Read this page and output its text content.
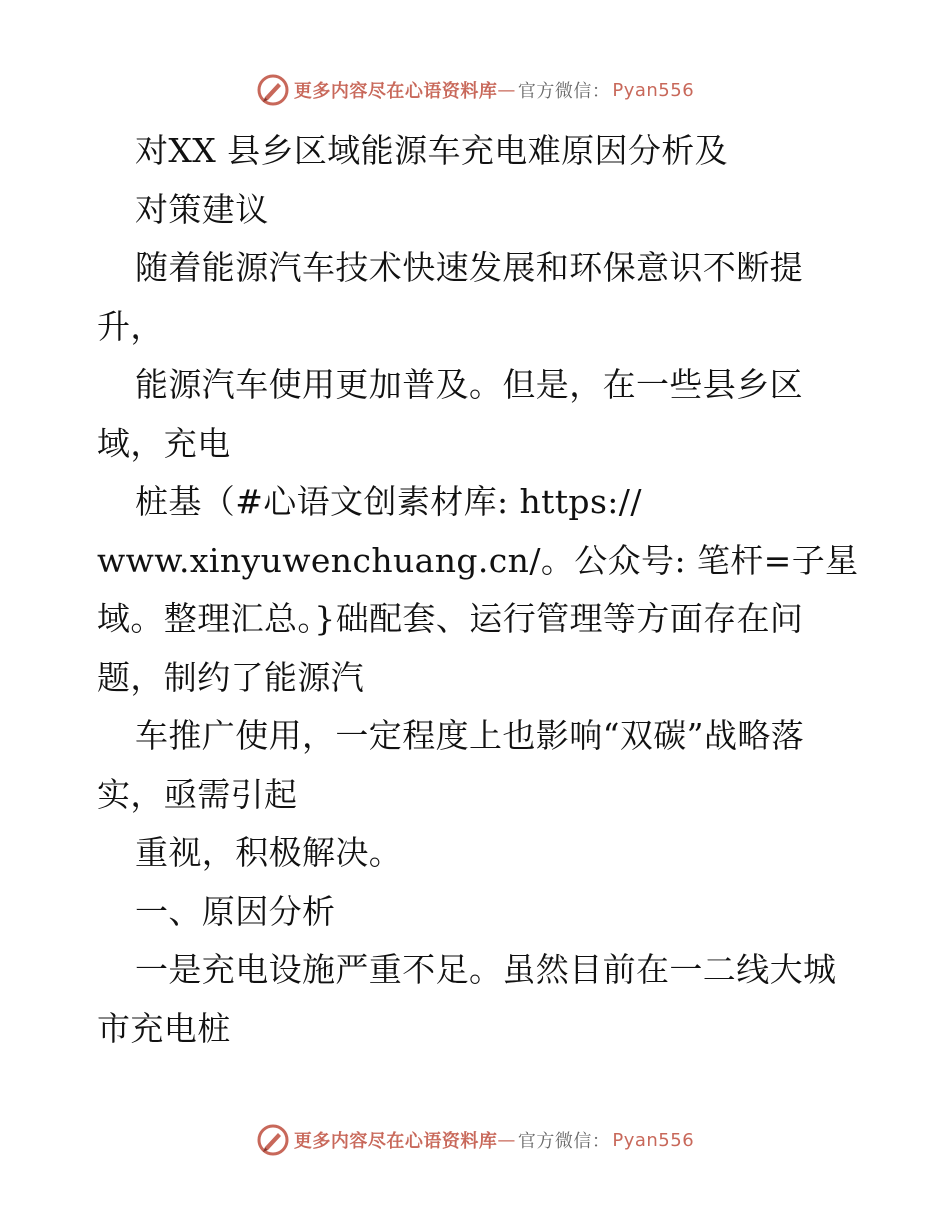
更多内容尽在心语资料库 — 官方微信： Pyan556
对XX 县乡区域能源车充电难原因分析及
对策建议
随着能源汽车技术快速发展和环保意识不断提
升，
能源汽车使用更加普及。但是，在一些县乡区
域，充电
桩基（#心语文创素材库: https://
www.xinyuwenchuang.cn/。公众号: 笔杆=子星
域。整理汇总。}础配套、运行管理等方面存在问
题，制约了能源汽
车推广使用，一定程度上也影响“双碳”战略落
实，亟需引起
重视，积极解决。
一、原因分析
一是充电设施严重不足。虽然目前在一二线大城
市充电桩
更多内容尽在心语资料库 — 官方微信： Pyan556
